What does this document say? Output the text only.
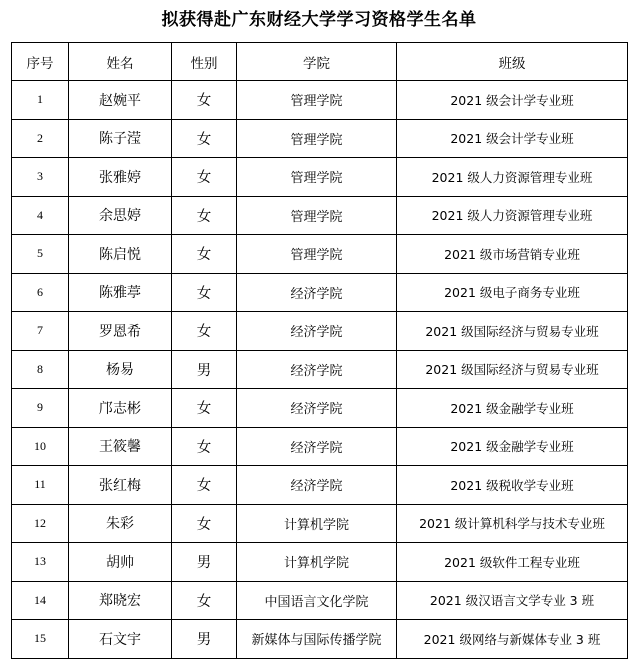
拟获得赴广东财经大学学习资格学生名单
序号	姓名	性别	学院	班级
1	赵婉平	女	管理学院	2021 级会计学专业班
2	陈子滢	女	管理学院	2021 级会计学专业班
3	张雅婷	女	管理学院	2021 级人力资源管理专业班
4	余思婷	女	管理学院	2021 级人力资源管理专业班
5	陈启悦	女	管理学院	2021 级市场营销专业班
6	陈雅葶	女	经济学院	2021 级电子商务专业班
7	罗恩希	女	经济学院	2021 级国际经济与贸易专业班
8	杨易	男	经济学院	2021 级国际经济与贸易专业班
9	邝志彬	女	经济学院	2021 级金融学专业班
10	王筱馨	女	经济学院	2021 级金融学专业班
11	张红梅	女	经济学院	2021 级税收学专业班
12	朱彩	女	计算机学院	2021 级计算机科学与技术专业班
13	胡帅	男	计算机学院	2021 级软件工程专业班
14	郑晓宏	女	中国语言文化学院	2021 级汉语言文学专业 3 班
15	石文宇	男	新媒体与国际传播学院	2021 级网络与新媒体专业 3 班
